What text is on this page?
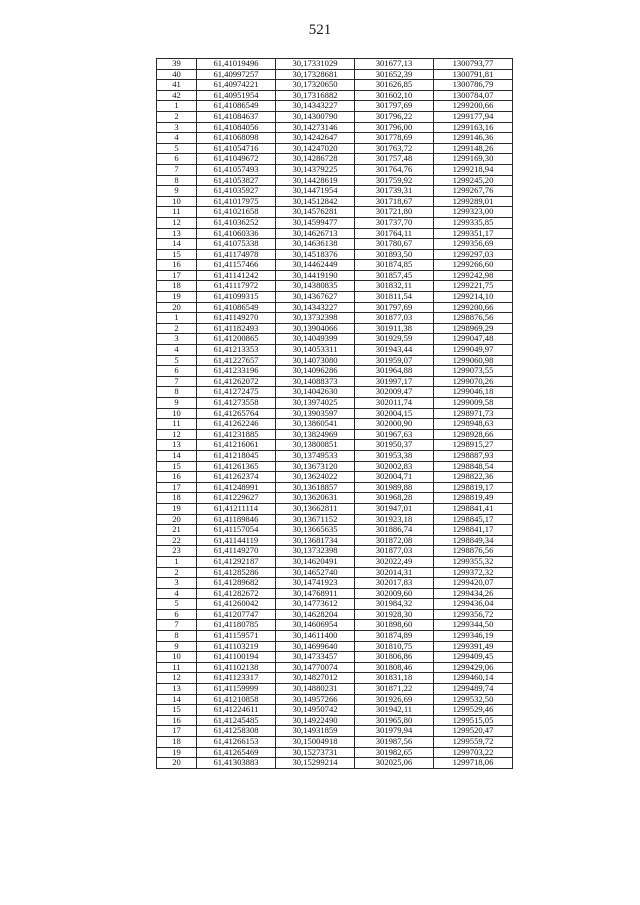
521
39	61,41019496	30,17331029	301677,13	1300793,77
40	61,40997257	30,17328681	301652,39	1300791,81
41	61,40974221	30,17320650	301626,85	1300786,79
42	61,40951954	30,17316882	301602,10	1300784,07
1	61,41086549	30,14343227	301797,69	1299200,66
2	61,41084637	30,14300790	301796,22	1299177,94
3	61,41084056	30,14273146	301796,00	1299163,16
4	61,41068098	30,14242647	301778,69	1299146,36
5	61,41054716	30,14247020	301763,72	1299148,26
6	61,41049672	30,14286728	301757,48	1299169,30
7	61,41057493	30,14379225	301764,76	1299218,94
8	61,41053827	30,14428619	301759,92	1299245,20
9	61,41035927	30,14471954	301739,31	1299267,76
10	61,41017975	30,14512842	301718,67	1299289,01
11	61,41021658	30,14576281	301721,80	1299323,00
12	61,41036252	30,14599477	301737,70	1299335,85
13	61,41060336	30,14626713	301764,11	1299351,17
14	61,41075338	30,14636138	301780,67	1299356,69
15	61,41174978	30,14518376	301893,50	1299297,03
16	61,41157466	30,14462449	301874,85	1299266,60
17	61,41141242	30,14419190	301857,45	1299242,98
18	61,41117972	30,14380835	301832,11	1299221,75
19	61,41099315	30,14367627	301811,54	1299214,10
20	61,41086549	30,14343227	301797,69	1299200,66
1	61,41149270	30,13732398	301877,03	1298876,56
2	61,41182493	30,13904066	301911,38	1298969,29
3	61,41200865	30,14049399	301929,59	1299047,48
4	61,41213353	30,14053311	301943,44	1299049,97
5	61,41227657	30,14073080	301959,07	1299060,98
6	61,41233196	30,14096286	301964,88	1299073,55
7	61,41262072	30,14088373	301997,17	1299070,26
8	61,41272475	30,14042630	302009,47	1299046,18
9	61,41273558	30,13974025	302011,74	1299009,58
10	61,41265764	30,13903597	302004,15	1298971,73
11	61,41262246	30,13860541	302000,90	1298948,63
12	61,41231885	30,13824969	301967,63	1298928,66
13	61,41216061	30,13800851	301950,37	1298915,27
14	61,41218045	30,13749533	301953,38	1298887,93
15	61,41261365	30,13673120	302002,83	1298848,54
16	61,41262374	30,13624022	302004,71	1298822,36
17	61,41248991	30,13618857	301989,88	1298819,17
18	61,41229627	30,13620631	301968,28	1298819,49
19	61,41211114	30,13662811	301947,01	1298841,41
20	61,41189846	30,13671152	301923,18	1298845,17
21	61,41157054	30,13665635	301886,74	1298841,17
22	61,41144119	30,13681734	301872,08	1298849,34
23	61,41149270	30,13732398	301877,03	1298876,56
1	61,41292187	30,14620491	302022,49	1299355,32
2	61,41285286	30,14652740	302014,31	1299372,32
3	61,41289682	30,14741923	302017,83	1299420,07
4	61,41282672	30,14768911	302009,60	1299434,26
5	61,41260042	30,14773612	301984,32	1299436,04
6	61,41207747	30,14628204	301928,30	1299356,72
7	61,41180785	30,14606954	301898,60	1299344,50
8	61,41159571	30,14611400	301874,89	1299346,19
9	61,41103219	30,14699640	301810,75	1299391,49
10	61,41100194	30,14733457	301806,86	1299409,45
11	61,41102138	30,14770074	301808,46	1299429,06
12	61,41123317	30,14827012	301831,18	1299460,14
13	61,41159999	30,14880231	301871,22	1299489,74
14	61,41210858	30,14957266	301926,69	1299532,50
15	61,41224611	30,14950742	301942,11	1299529,46
16	61,41245485	30,14922490	301965,80	1299515,05
17	61,41258308	30,14931859	301979,94	1299520,47
18	61,41266153	30,15004918	301987,56	1299559,72
19	61,41265469	30,15273731	301982,65	1299703,22
20	61,41303883	30,15299214	302025,06	1299718,06
